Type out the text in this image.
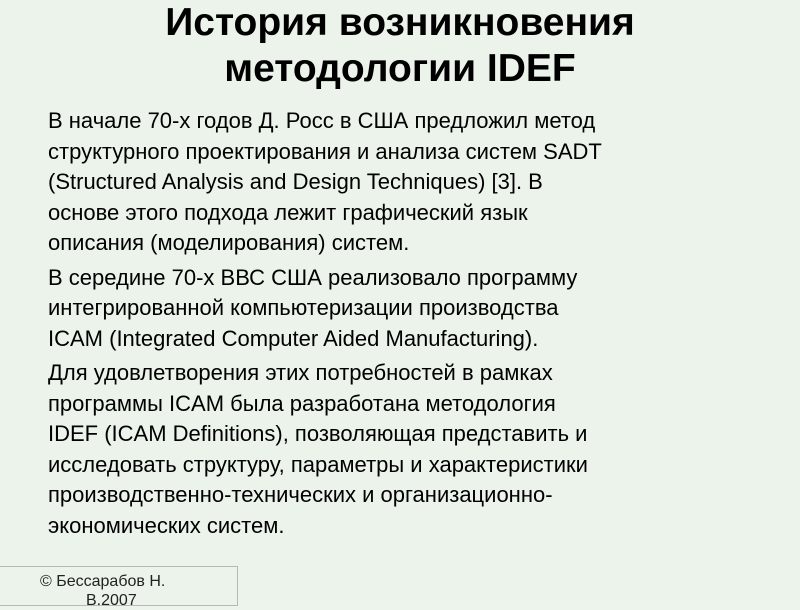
История возникновения
методологии IDEF

В начале 70-х годов Д. Росс в США предложил метод
структурного проектирования и анализа систем SADT
(Structured Analysis and Design Techniques) [3]. В
основе этого подхода лежит графический язык
описания (моделирования) систем.

В середине 70-х ВВС США реализовало программу
интегрированной компьютеризации производства
ICAM (Integrated Computer Aided Manufacturing).

Для удовлетворения этих потребностей в рамках
программы ICAM была разработана методология
IDEF (ICAM Definitions), позволяющая представить и
исследовать структуру, параметры и характеристики
производственно-технических и организационно-
экономических систем.

© Бессарабов Н.
В.2007
